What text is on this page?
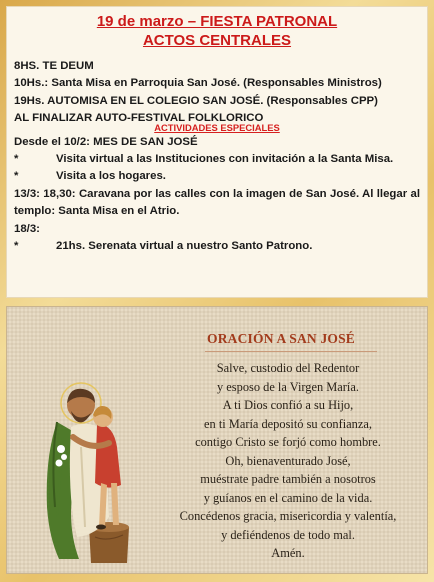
19 de marzo – FIESTA PATRONAL
ACTOS CENTRALES
8HS. TE DEUM
10Hs.: Santa Misa en Parroquia San José. (Responsables Ministros)
19Hs. AUTOMISA EN EL COLEGIO SAN JOSÉ. (Responsables CPP)
AL FINALIZAR AUTO-FESTIVAL FOLKLORICO
ACTIVIDADES ESPECIALES
Desde el 10/2: MES DE SAN JOSÉ
*	Visita virtual a las Instituciones con invitación a la Santa Misa.
*	Visita a los hogares.
13/3: 18,30: Caravana por las calles con la imagen de San José. Al llegar al templo: Santa Misa en el Atrio.
18/3:
*	21hs. Serenata virtual a nuestro Santo Patrono.
ORACIÓN A SAN JOSÉ
Salve, custodio del Redentor
y esposo de la Virgen María.
A ti Dios confió a su Hijo,
en ti María depositó su confianza,
contigo Cristo se forjó como hombre.
Oh, bienaventurado José,
muéstrate padre también a nosotros
y guíanos en el camino de la vida.
Concédenos gracia, misericordia y valentía,
y defiéndenos de todo mal.
Amén.
